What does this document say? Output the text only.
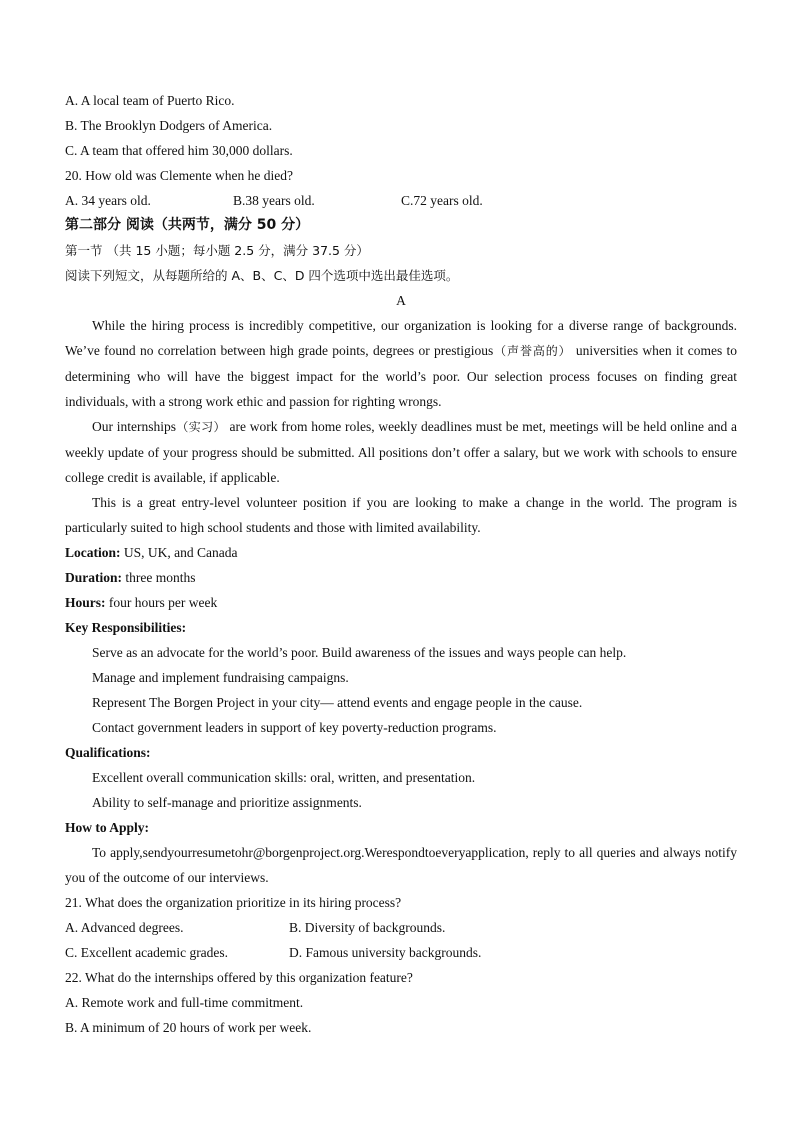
A. A local team of Puerto Rico.
B. The Brooklyn Dodgers of America.
C. A team that offered him 30,000 dollars.
20. How old was Clemente when he died?
A. 34 years old.	B.38 years old.	C.72 years old.
第二部分 阅读（共两节，满分 50 分）
第一节 （共 15 小题；每小题 2.5 分，满分 37.5 分）
阅读下列短文，从每题所给的 A、B、C、D 四个选项中选出最佳选项。
A
While the hiring process is incredibly competitive, our organization is looking for a diverse range of backgrounds. We’ve found no correlation between high grade points, degrees or prestigious（声誉高的） universities when it comes to determining who will have the biggest impact for the world’s poor. Our selection process focuses on finding great individuals, with a strong work ethic and passion for righting wrongs.
Our internships（实习） are work from home roles, weekly deadlines must be met, meetings will be held online and a weekly update of your progress should be submitted. All positions don’t offer a salary, but we work with schools to ensure college credit is available, if applicable.
This is a great entry-level volunteer position if you are looking to make a change in the world. The program is particularly suited to high school students and those with limited availability.
Location: US, UK, and Canada
Duration: three months
Hours: four hours per week
Key Responsibilities:
Serve as an advocate for the world’s poor. Build awareness of the issues and ways people can help.
Manage and implement fundraising campaigns.
Represent The Borgen Project in your city— attend events and engage people in the cause.
Contact government leaders in support of key poverty-reduction programs.
Qualifications:
Excellent overall communication skills: oral, written, and presentation.
Ability to self-manage and prioritize assignments.
How to Apply:
To apply,sendyourresumetohr@borgenproject.org.Werespondtoeveryapplication, reply to all queries and always notify you of the outcome of our interviews.
21. What does the organization prioritize in its hiring process?
A. Advanced degrees.	B. Diversity of backgrounds.
C. Excellent academic grades.	D. Famous university backgrounds.
22. What do the internships offered by this organization feature?
A. Remote work and full-time commitment.
B. A minimum of 20 hours of work per week.
